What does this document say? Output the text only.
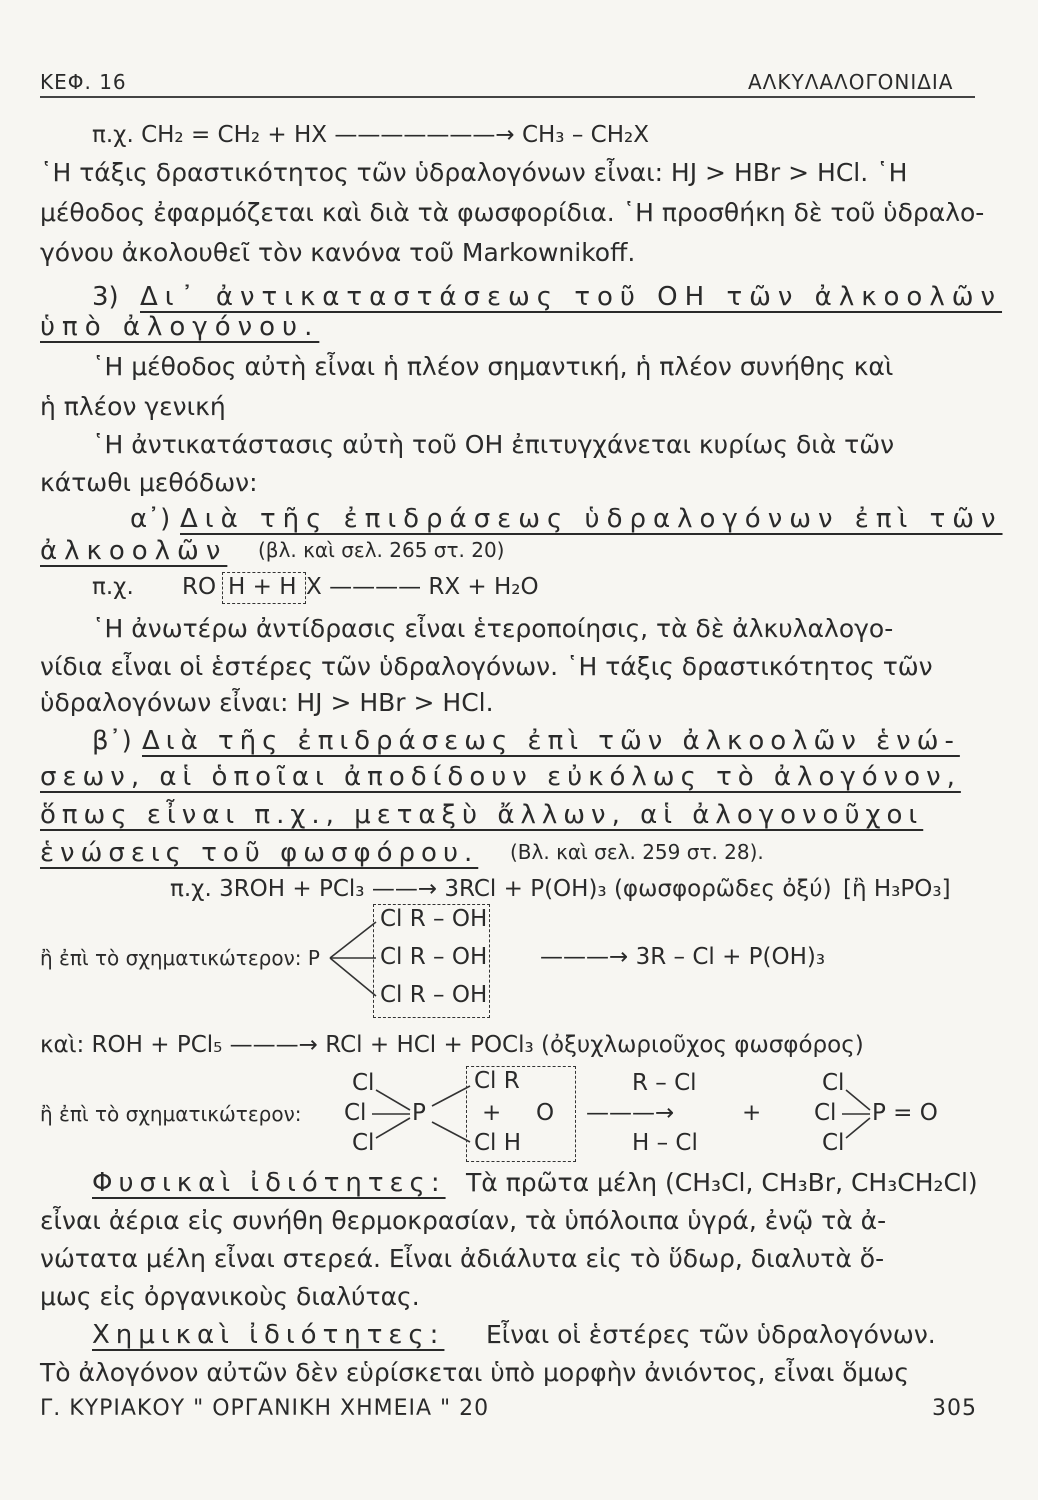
ΚΕΦ. 16	ΑΛΚΥΛΑΛΟΓΟΝΙΔΙΑ
π.χ. CH₂ = CH₂ + HX ———————→ CH₃ – CH₂X
῾Η τάξις δραστικότητος τῶν ὑδραλογόνων εἶναι: HJ > HBr > HCl. ῾Η
μέθοδος ἐφαρμόζεται καὶ διὰ τὰ φωσφορίδια. ῾Η προσθήκη δὲ τοῦ ὑδραλο-
γόνου ἀκολουθεῖ τὸν κανόνα τοῦ Markownikoff.
3) Δι᾽ ἀντικαταστάσεως τοῦ OH τῶν ἀλκοολῶν
ὑπὸ ἀλογόνου.
῾Η μέθοδος αὐτὴ εἶναι ἡ πλέον σημαντική, ἡ πλέον συνήθης καὶ
ἡ πλέον γενική
῾Η ἀντικατάστασις αὐτὴ τοῦ OH ἐπιτυγχάνεται κυρίως διὰ τῶν
κάτωθι μεθόδων:
α᾽) Διὰ τῆς ἐπιδράσεως ὑδραλογόνων ἐπὶ τῶν
ἀλκοολῶν (βλ. καὶ σελ. 265 στ. 20)
π.χ. RO H + H X ———— RX + H₂O
῾Η ἀνωτέρω ἀντίδρασις εἶναι ἑτεροποίησις, τὰ δὲ ἀλκυλαλογο-
νίδια εἶναι οἱ ἑστέρες τῶν ὑδραλογόνων. ῾Η τάξις δραστικότητος τῶν
ὑδραλογόνων εἶναι: HJ > HBr > HCl.
β᾽) Διὰ τῆς ἐπιδράσεως ἐπὶ τῶν ἀλκοολῶν ἑνώ-
σεων, αἱ ὁποῖαι ἀποδίδουν εὐκόλως τὸ ἀλογόνον,
ὅπως εἶναι π.χ., μεταξὺ ἄλλων, αἱ ἀλογονοῦχοι
ἑνώσεις τοῦ φωσφόρου. (Βλ. καὶ σελ. 259 στ. 28).
π.χ. 3ROH + PCl₃ ——→ 3RCl + P(OH)₃ (φωσφορῶδες ὀξύ) [ἢ H₃PO₃]
ἢ ἐπὶ τὸ σχηματικώτερον: P
Cl R – OH
Cl R – OH
Cl R – OH
———→ 3R – Cl + P(OH)₃
καὶ: ROH + PCl₅ ———→ RCl + HCl + POCl₃ (ὀξυχλωριοῦχος φωσφόρος)
ἢ ἐπὶ τὸ σχηματικώτερον:
Cl
Cl
Cl
P
Cl R
+ O
Cl H
———→
R – Cl
H – Cl
+
Cl
Cl
Cl
P = O
Φυσικαὶ ἰδιότητες: Τὰ πρῶτα μέλη (CH₃Cl, CH₃Br, CH₃CH₂Cl)
εἶναι ἀέρια εἰς συνήθη θερμοκρασίαν, τὰ ὑπόλοιπα ὑγρά, ἐνῷ τὰ ἀ-
νώτατα μέλη εἶναι στερεά. Εἶναι ἀδιάλυτα εἰς τὸ ὕδωρ, διαλυτὰ ὅ-
μως εἰς ὀργανικοὺς διαλύτας.
Χημικαὶ ἰδιότητες: Εἶναι οἱ ἑστέρες τῶν ὑδραλογόνων.
Τὸ ἀλογόνον αὐτῶν δὲν εὑρίσκεται ὑπὸ μορφὴν ἀνιόντος, εἶναι ὅμως
Γ. ΚΥΡΙΑΚΟΥ " ΟΡΓΑΝΙΚΗ ΧΗΜΕΙΑ " 20	305
